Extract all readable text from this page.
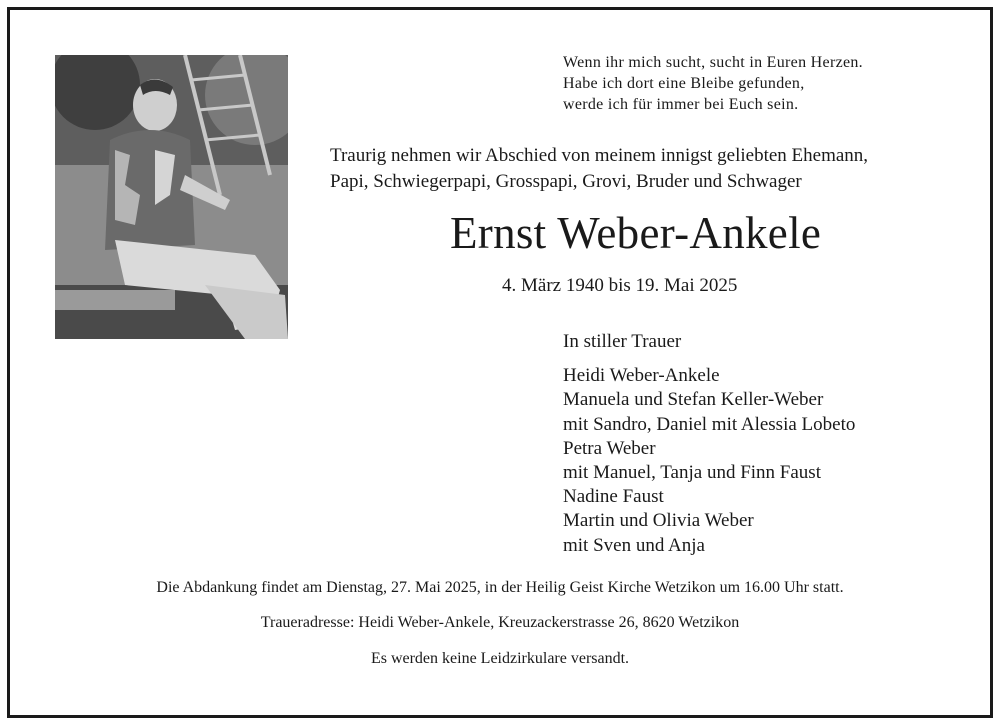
Wenn ihr mich sucht, sucht in Euren Herzen.
Habe ich dort eine Bleibe gefunden,
werde ich für immer bei Euch sein.
Traurig nehmen wir Abschied von meinem innigst geliebten Ehemann,
Papi, Schwiegerpapi, Grosspapi, Grovi, Bruder und Schwager
Ernst Weber-Ankele
4. März 1940 bis 19. Mai 2025
In stiller Trauer
Heidi Weber-Ankele
Manuela und Stefan Keller-Weber
mit Sandro, Daniel mit Alessia Lobeto
Petra Weber
mit Manuel, Tanja und Finn Faust
Nadine Faust
Martin und Olivia Weber
mit Sven und Anja
Die Abdankung findet am Dienstag, 27. Mai 2025, in der Heilig Geist Kirche Wetzikon um 16.00 Uhr statt.
Traueradresse: Heidi Weber-Ankele, Kreuzackerstrasse 26, 8620 Wetzikon
Es werden keine Leidzirkulare versandt.
